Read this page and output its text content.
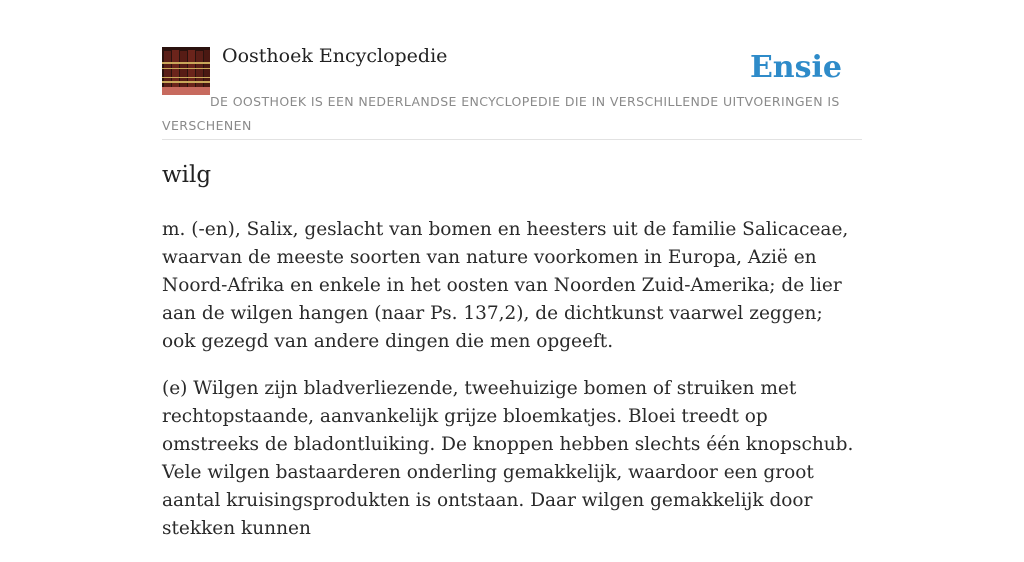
Oosthoek Encyclopedie	Ensie
DE OOSTHOEK IS EEN NEDERLANDSE ENCYCLOPEDIE DIE IN VERSCHILLENDE UITVOERINGEN IS VERSCHENEN
wilg

m. (-en), Salix, geslacht van bomen en heesters uit de familie Salicaceae, waarvan de meeste soorten van nature voorkomen in Europa, Azië en Noord-Afrika en enkele in het oosten van Noorden Zuid-Amerika; de lier aan de wilgen hangen (naar Ps. 137,2), de dichtkunst vaarwel zeggen; ook gezegd van andere dingen die men opgeeft.

(e) Wilgen zijn bladverliezende, tweehuizige bomen of struiken met rechtopstaande, aanvankelijk grijze bloemkatjes. Bloei treedt op omstreeks de bladontluiking. De knoppen hebben slechts één knopschub. Vele wilgen bastaarderen onderling gemakkelijk, waardoor een groot aantal kruisingsprodukten is ontstaan. Daar wilgen gemakkelijk door stekken kunnen
